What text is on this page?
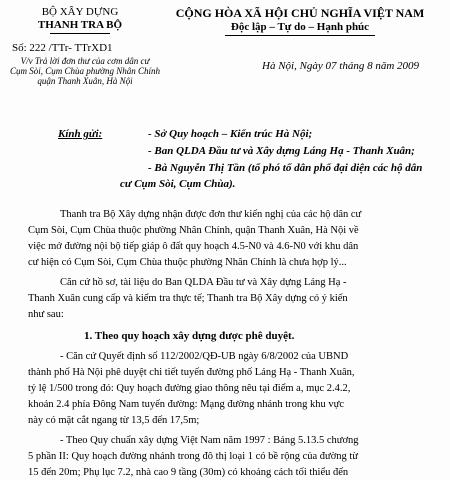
BỘ XÂY DỰNG
THANH TRA BỘ
CỘNG HÒA XÃ HỘI CHỦ NGHĨA VIỆT NAM
Độc lập – Tự do – Hạnh phúc
Số: 222 /TTr- TTrXD1
V/v Trả lời đơn thư của cơm dân cư
Cụm Sòi, Cụm Chùa phường Nhân Chính
quận Thanh Xuân, Hà Nội
Hà Nội, Ngày 07 tháng 8 năm 2009
Kính gửi:	- Sở Quy hoạch – Kiến trúc Hà Nội;
- Ban QLDA Đầu tư và Xây dựng Láng Hạ - Thanh Xuân;
- Bà Nguyễn Thị Tần (tổ phó tổ dân phố đại diện các hộ dân
cư Cụm Sòi, Cụm Chùa).
Thanh tra Bộ Xây dựng nhận được đơn thư kiến nghị của các hộ dân cư
Cụm Sòi, Cụm Chùa thuộc phường Nhân Chính, quận Thanh Xuân, Hà Nội về
việc mở đường nội bộ tiếp giáp ô đất quy hoạch 4.5-N0 và 4.6-N0 với khu dân
cư hiện có Cụm Sòi, Cụm Chùa thuộc phường Nhân Chính là chưa hợp lý...
Căn cứ hồ sơ, tài liệu do Ban QLDA Đầu tư và Xây dựng Láng Hạ -
Thanh Xuân cung cấp và kiểm tra thực tế; Thanh tra Bộ Xây dựng có ý kiến
như sau:
1. Theo quy hoạch xây dựng được phê duyệt.
- Căn cứ Quyết định số 112/2002/QĐ-UB ngày 6/8/2002 của UBND
thành phố Hà Nội phê duyệt chi tiết tuyến đường phố Láng Hạ - Thanh Xuân,
tỷ lệ 1/500 trong đó: Quy hoạch đường giao thông nêu tại điểm a, mục 2.4.2,
khoản 2.4 phía Đông Nam tuyến đường: Mạng đường nhánh trong khu vực
này có mặt cắt ngang từ 13,5 đến 17,5m;
- Theo Quy chuẩn xây dựng Việt Nam năm 1997 : Bảng 5.13.5 chương
5 phần II: Quy hoạch đường nhánh trong đô thị loại 1 có bề rộng của đường từ
15 đến 20m; Phụ lục 7.2, nhà cao 9 tầng (30m) có khoảng cách tối thiểu đến
